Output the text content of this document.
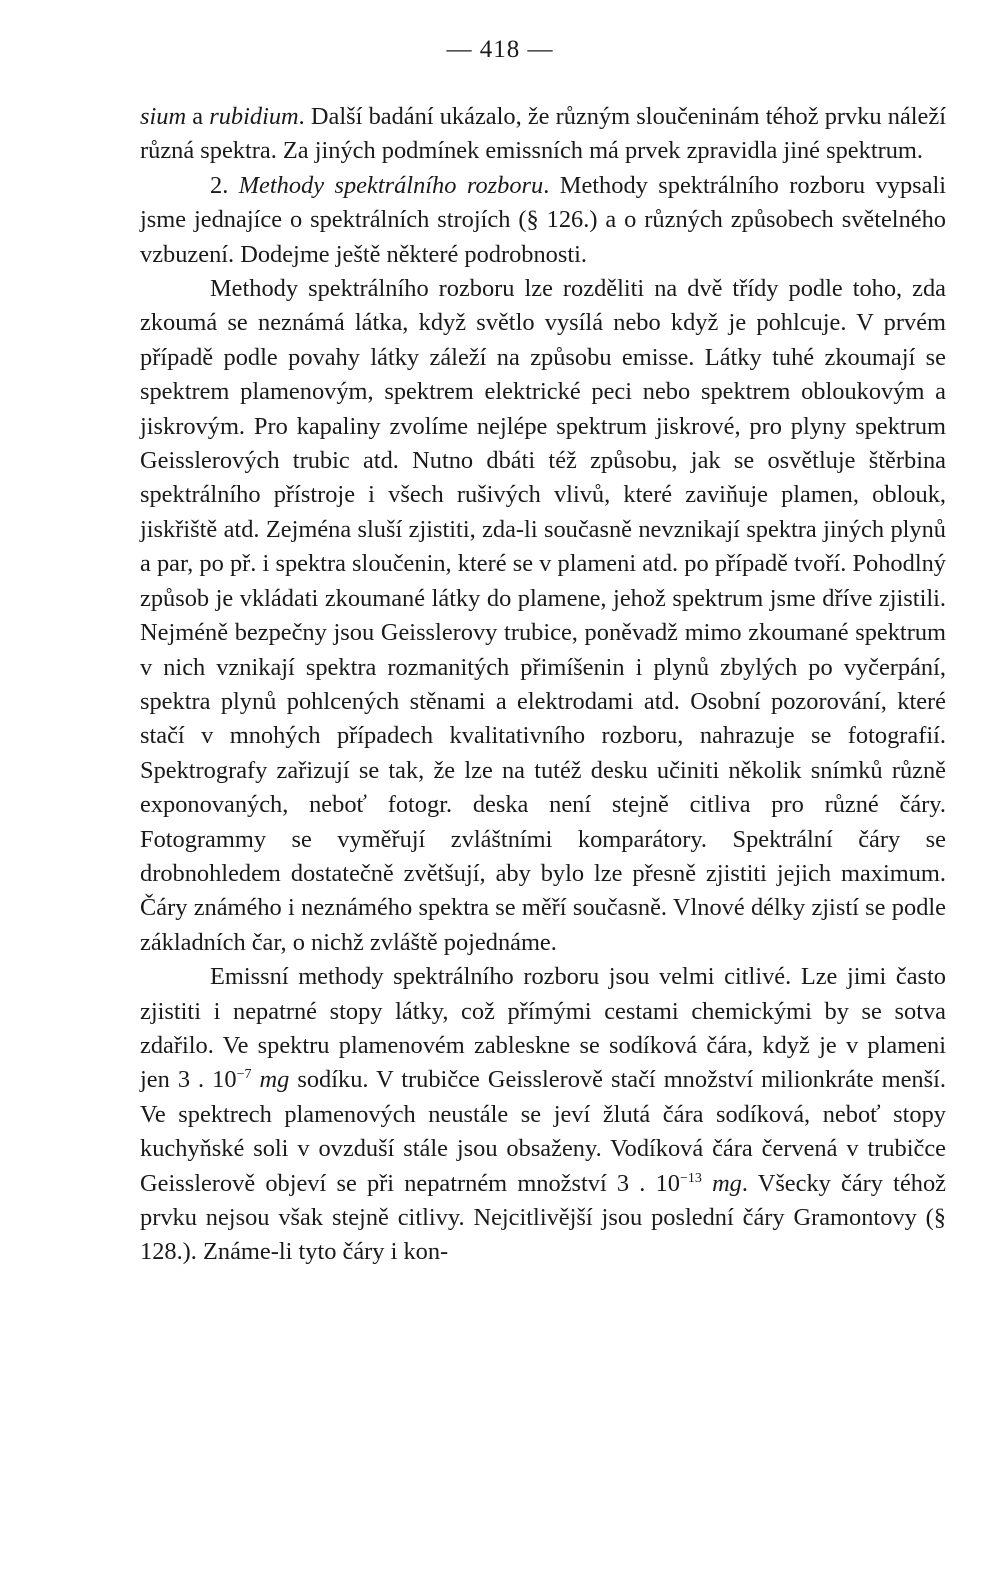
— 418 —

sium a rubidium. Další badání ukázalo, že různým sloučeninám téhož prvku náleží různá spektra. Za jiných podmínek emissních má prvek zpravidla jiné spektrum.

2. Methody spektrálního rozboru. Methody spektrálního rozboru vypsali jsme jednajíce o spektrálních strojích (§ 126.) a o různých způsobech světelného vzbuzení. Dodejme ještě některé podrobnosti.

Methody spektrálního rozboru lze rozděliti na dvě třídy podle toho, zda zkoumá se neznámá látka, když světlo vysílá nebo když je pohlcuje. V prvém případě podle povahy látky záleží na způsobu emisse. Látky tuhé zkoumají se spektrem plamenovým, spektrem elektrické peci nebo spektrem obloukovým a jiskrovým. Pro kapaliny zvolíme nejlépe spektrum jiskrové, pro plyny spektrum Geisslerových trubic atd. Nutno dbáti též způsobu, jak se osvětluje štěrbina spektrálního přístroje i všech rušivých vlivů, které zaviňuje plamen, oblouk, jiskřiště atd. Zejména sluší zjistiti, zda-li současně nevznikají spektra jiných plynů a par, po př. i spektra sloučenin, které se v plameni atd. po případě tvoří. Pohodlný způsob je vkládati zkoumané látky do plamene, jehož spektrum jsme dříve zjistili. Nejméně bezpečny jsou Geisslerovy trubice, poněvadž mimo zkoumané spektrum v nich vznikají spektra rozmanitých přimíšenin i plynů zbylých po vyčerpání, spektra plynů pohlcených stěnami a elektrodami atd. Osobní pozorování, které stačí v mnohých případech kvalitativního rozboru, nahrazuje se fotografií. Spektrografy zařizují se tak, že lze na tutéž desku učiniti několik snímků různě exponovaných, neboť fotogr. deska není stejně citliva pro různé čáry. Fotogrammy se vyměřují zvláštními komparátory. Spektrální čáry se drobnohledem dostatečně zvětšují, aby bylo lze přesně zjistiti jejich maximum. Čáry známého i neznámého spektra se měří současně. Vlnové délky zjistí se podle základních čar, o nichž zvláště pojednáme.

Emissní methody spektrálního rozboru jsou velmi citlivé. Lze jimi často zjistiti i nepatrné stopy látky, což přímými cestami chemickými by se sotva zdařilo. Ve spektru plamenovém zableskne se sodíková čára, když je v plameni jen 3 . $10^{-7}$ mg sodíku. V trubičce Geisslerově stačí množství milionkráte menší. Ve spektrech plamenových neustále se jeví žlutá čára sodíková, neboť stopy kuchyňské soli v ovzduší stále jsou obsaženy. Vodíková čára červená v trubičce Geisslerově objeví se při nepatrném množství 3 . $10^{-13}$ mg. Všecky čáry téhož prvku nejsou však stejně citlivy. Nejcitlivější jsou poslední čáry Gramontovy (§ 128.). Známe-li tyto čáry i kon-
